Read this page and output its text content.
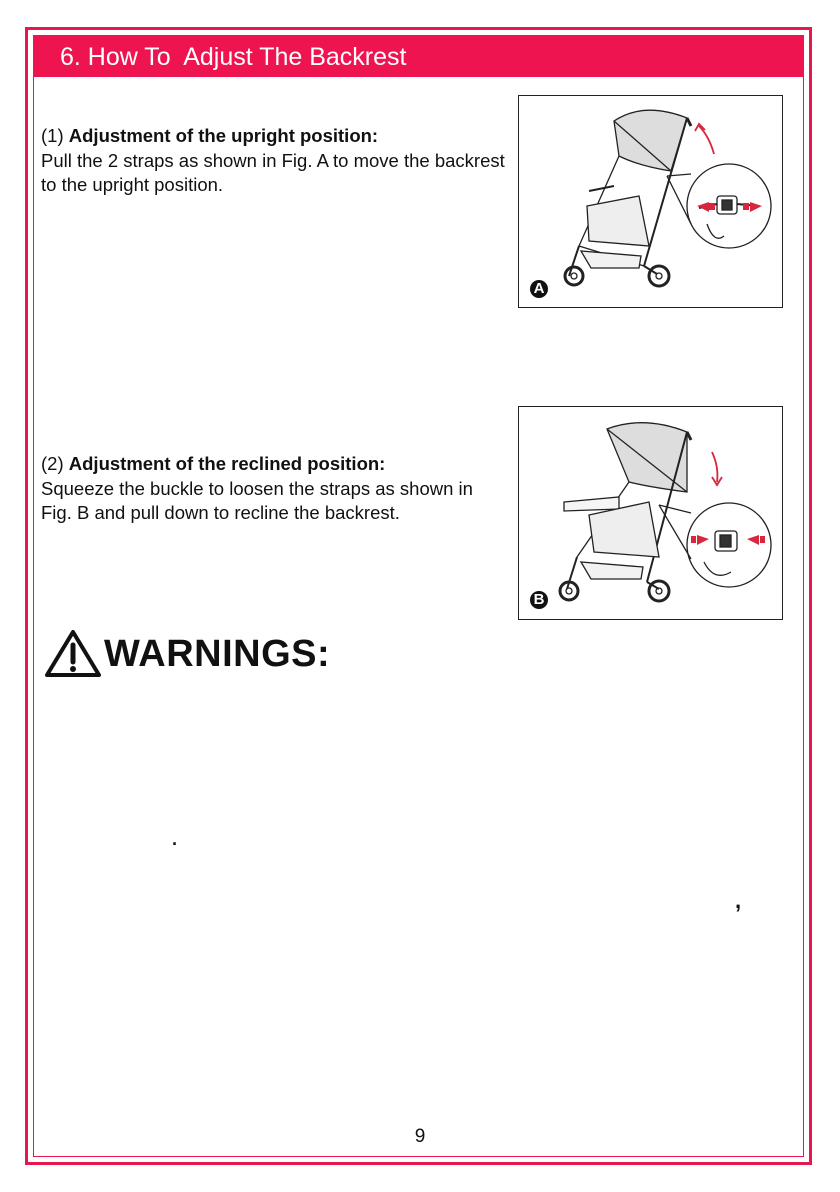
6. How To  Adjust The Backrest
(1) Adjustment of the upright position:
Pull the 2 straps as shown in Fig. A to move the backrest to the upright position.
(2) Adjustment of the reclined position:
Squeeze the buckle to loosen the straps as shown in Fig. B and pull down to recline the backrest.
A
B
WARNINGS:
·
,
9
